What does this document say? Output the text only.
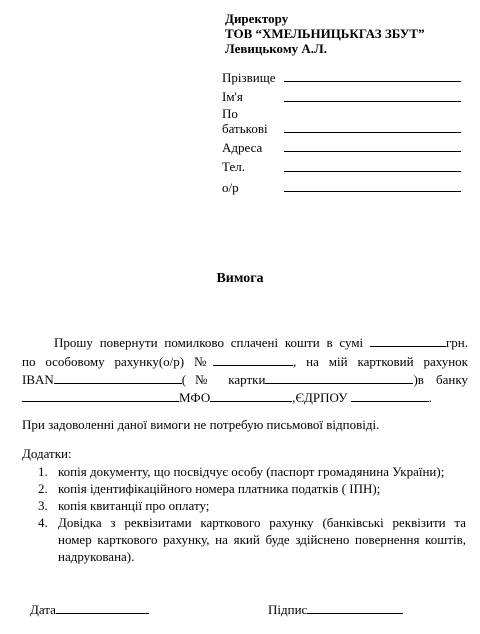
Директору
ТОВ “ХМЕЛЬНИЦЬКГАЗ ЗБУТ”
Левицькому А.Л.
Прізвище
Ім'я
По
батькові
Адреса
Тел.
о/р
Вимога
Прошу повернути помилково сплачені кошти в сумі	грн.
по особовому рахунку(о/р) №	, на мій картковий рахунок
IBAN	(№ картки	)в банку
МФО	,ЄДРПОУ	.
При задоволенні даної вимоги не потребую письмової відповіді.
Додатки:
1. копія документу, що посвідчує особу (паспорт громадянина України);
2. копія ідентифікаційного номера платника податків ( ІПН);
3. копія квитанції про оплату;
4. Довідка з реквізитами карткового рахунку (банківські реквізити та
номер карткового рахунку, на який буде здійснено повернення коштів,
надрукована).
Дата	Підпис
